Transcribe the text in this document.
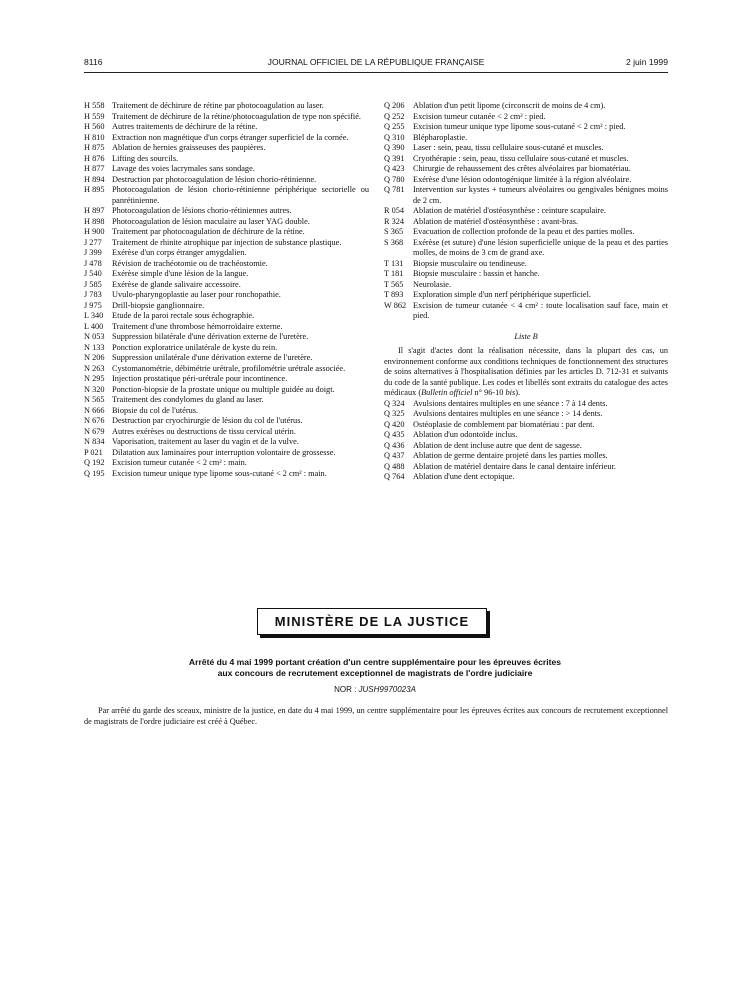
8116	JOURNAL OFFICIEL DE LA RÉPUBLIQUE FRANÇAISE	2 juin 1999
H 558 Traitement de déchirure de rétine par photocoagulation au laser.
H 559 Traitement de déchirure de la rétine/photocoagulation de type non spécifié.
H 560 Autres traitements de déchirure de la rétine.
H 810 Extraction non magnétique d'un corps étranger superficiel de la cornée.
H 875 Ablation de hernies graisseuses des paupières.
H 876 Lifting des sourcils.
H 877 Lavage des voies lacrymales sans sondage.
H 894 Destruction par photocoagulation de lésion chorio-rétinienne.
H 895 Photocoagulation de lésion chorio-rétinienne périphérique sectorielle ou panrétinienne.
H 897 Photocoagulation de lésions chorio-rétiniennes autres.
H 898 Photocoagulation de lésion maculaire au laser YAG double.
H 900 Traitement par photocoagulation de déchirure de la rétine.
J 277	Traitement de rhinite atrophique par injection de substance plastique.
J 399	Exérèse d'un corps étranger amygdalien.
J 478	Révision de trachéotomie ou de trachéostomie.
J 540	Exérèse simple d'une lésion de la langue.
J 585	Exérèse de glande salivaire accessoire.
J 783	Uvulo-pharyngoplastie au laser pour ronchopathie.
J 975	Drill-biopsie ganglionnaire.
L 340	Etude de la paroi rectale sous échographie.
L 400	Traitement d'une thrombose hémorroïdaire externe.
N 053 Suppression bilatérale d'une dérivation externe de l'uretère.
N 133 Ponction exploratrice unilatérale de kyste du rein.
N 206 Suppression unilatérale d'une dérivation externe de l'uretère.
N 263 Cystomanométrie, débimétrie urétrale, profilométrie urétrale associée.
N 295 Injection prostatique péri-urétrale pour incontinence.
N 320 Ponction-biopsie de la prostate unique ou multiple guidée au doigt.
N 565 Traitement des condylomes du gland au laser.
N 666 Biopsie du col de l'utérus.
N 676 Destruction par cryochirurgie de lésion du col de l'utérus.
N 679 Autres exérèses ou destructions de tissu cervical utérin.
N 834 Vaporisation, traitement au laser du vagin et de la vulve.
P 021	Dilatation aux laminaires pour interruption volontaire de grossesse.
Q 192 Excision tumeur cutanée < 2 cm² : main.
Q 195 Excision tumeur unique type lipome sous-cutané < 2 cm² : main.
Q 206	Ablation d'un petit lipome (circonscrit de moins de 4 cm).
Q 252	Excision tumeur cutanée < 2 cm² : pied.
Q 255	Excision tumeur unique type lipome sous-cutané < 2 cm² : pied.
Q 310	Blépharoplastie.
Q 390	Laser : sein, peau, tissu cellulaire sous-cutané et muscles.
Q 391	Cryothérapie : sein, peau, tissu cellulaire sous-cutané et muscles.
Q 423	Chirurgie de rehaussement des crêtes alvéolaires par biomatériau.
Q 780	Exérèse d'une lésion odontogénique limitée à la région alvéolaire.
Q 781	Intervention sur kystes + tumeurs alvéolaires ou gengivales bénignes moins de 2 cm.
R 054	Ablation de matériel d'ostéosynthèse : ceinture scapulaire.
R 324	Ablation de matériel d'ostéosynthèse : avant-bras.
S 365	Evacuation de collection profonde de la peau et des parties molles.
S 368	Exérèse (et suture) d'une lésion superficielle unique de la peau et des parties molles, de moins de 3 cm de grand axe.
T 131	Biopsie musculaire ou tendineuse.
T 181	Biopsie musculaire : bassin et hanche.
T 565	Neurolasie.
T 893	Exploration simple d'un nerf périphérique superficiel.
W 862 Excision de tumeur cutanée < 4 cm² : toute localisation sauf face, main et pied.
Liste B
Il s'agit d'actes dont la réalisation nécessite, dans la plupart des cas, un environnement conforme aux conditions techniques de fonctionnement des structures de soins alternatives à l'hospitalisation définies par les articles D. 712-31 et suivants du code de la santé publique. Les codes et libellés sont extraits du catalogue des actes médicaux (Bulletin officiel n° 96-10 bis).
Q 324	Avulsions dentaires multiples en une séance : 7 à 14 dents.
Q 325	Avulsions dentaires multiples en une séance : > 14 dents.
Q 420	Ostéoplasie de comblement par biomatériau : par dent.
Q 435	Ablation d'un odontoïde inclus.
Q 436	Ablation de dent incluse autre que dent de sagesse.
Q 437	Ablation de germe dentaire projeté dans les parties molles.
Q 488	Ablation de matériel dentaire dans le canal dentaire inférieur.
Q 764	Ablation d'une dent ectopique.
MINISTÈRE DE LA JUSTICE
Arrêté du 4 mai 1999 portant création d'un centre supplémentaire pour les épreuves écrites
aux concours de recrutement exceptionnel de magistrats de l'ordre judiciaire
NOR : JUSH9970023A
Par arrêté du garde des sceaux, ministre de la justice, en date du 4 mai 1999, un centre supplémentaire pour les épreuves écrites aux concours de recrutement exceptionnel de magistrats de l'ordre judiciaire est créé à Québec.
